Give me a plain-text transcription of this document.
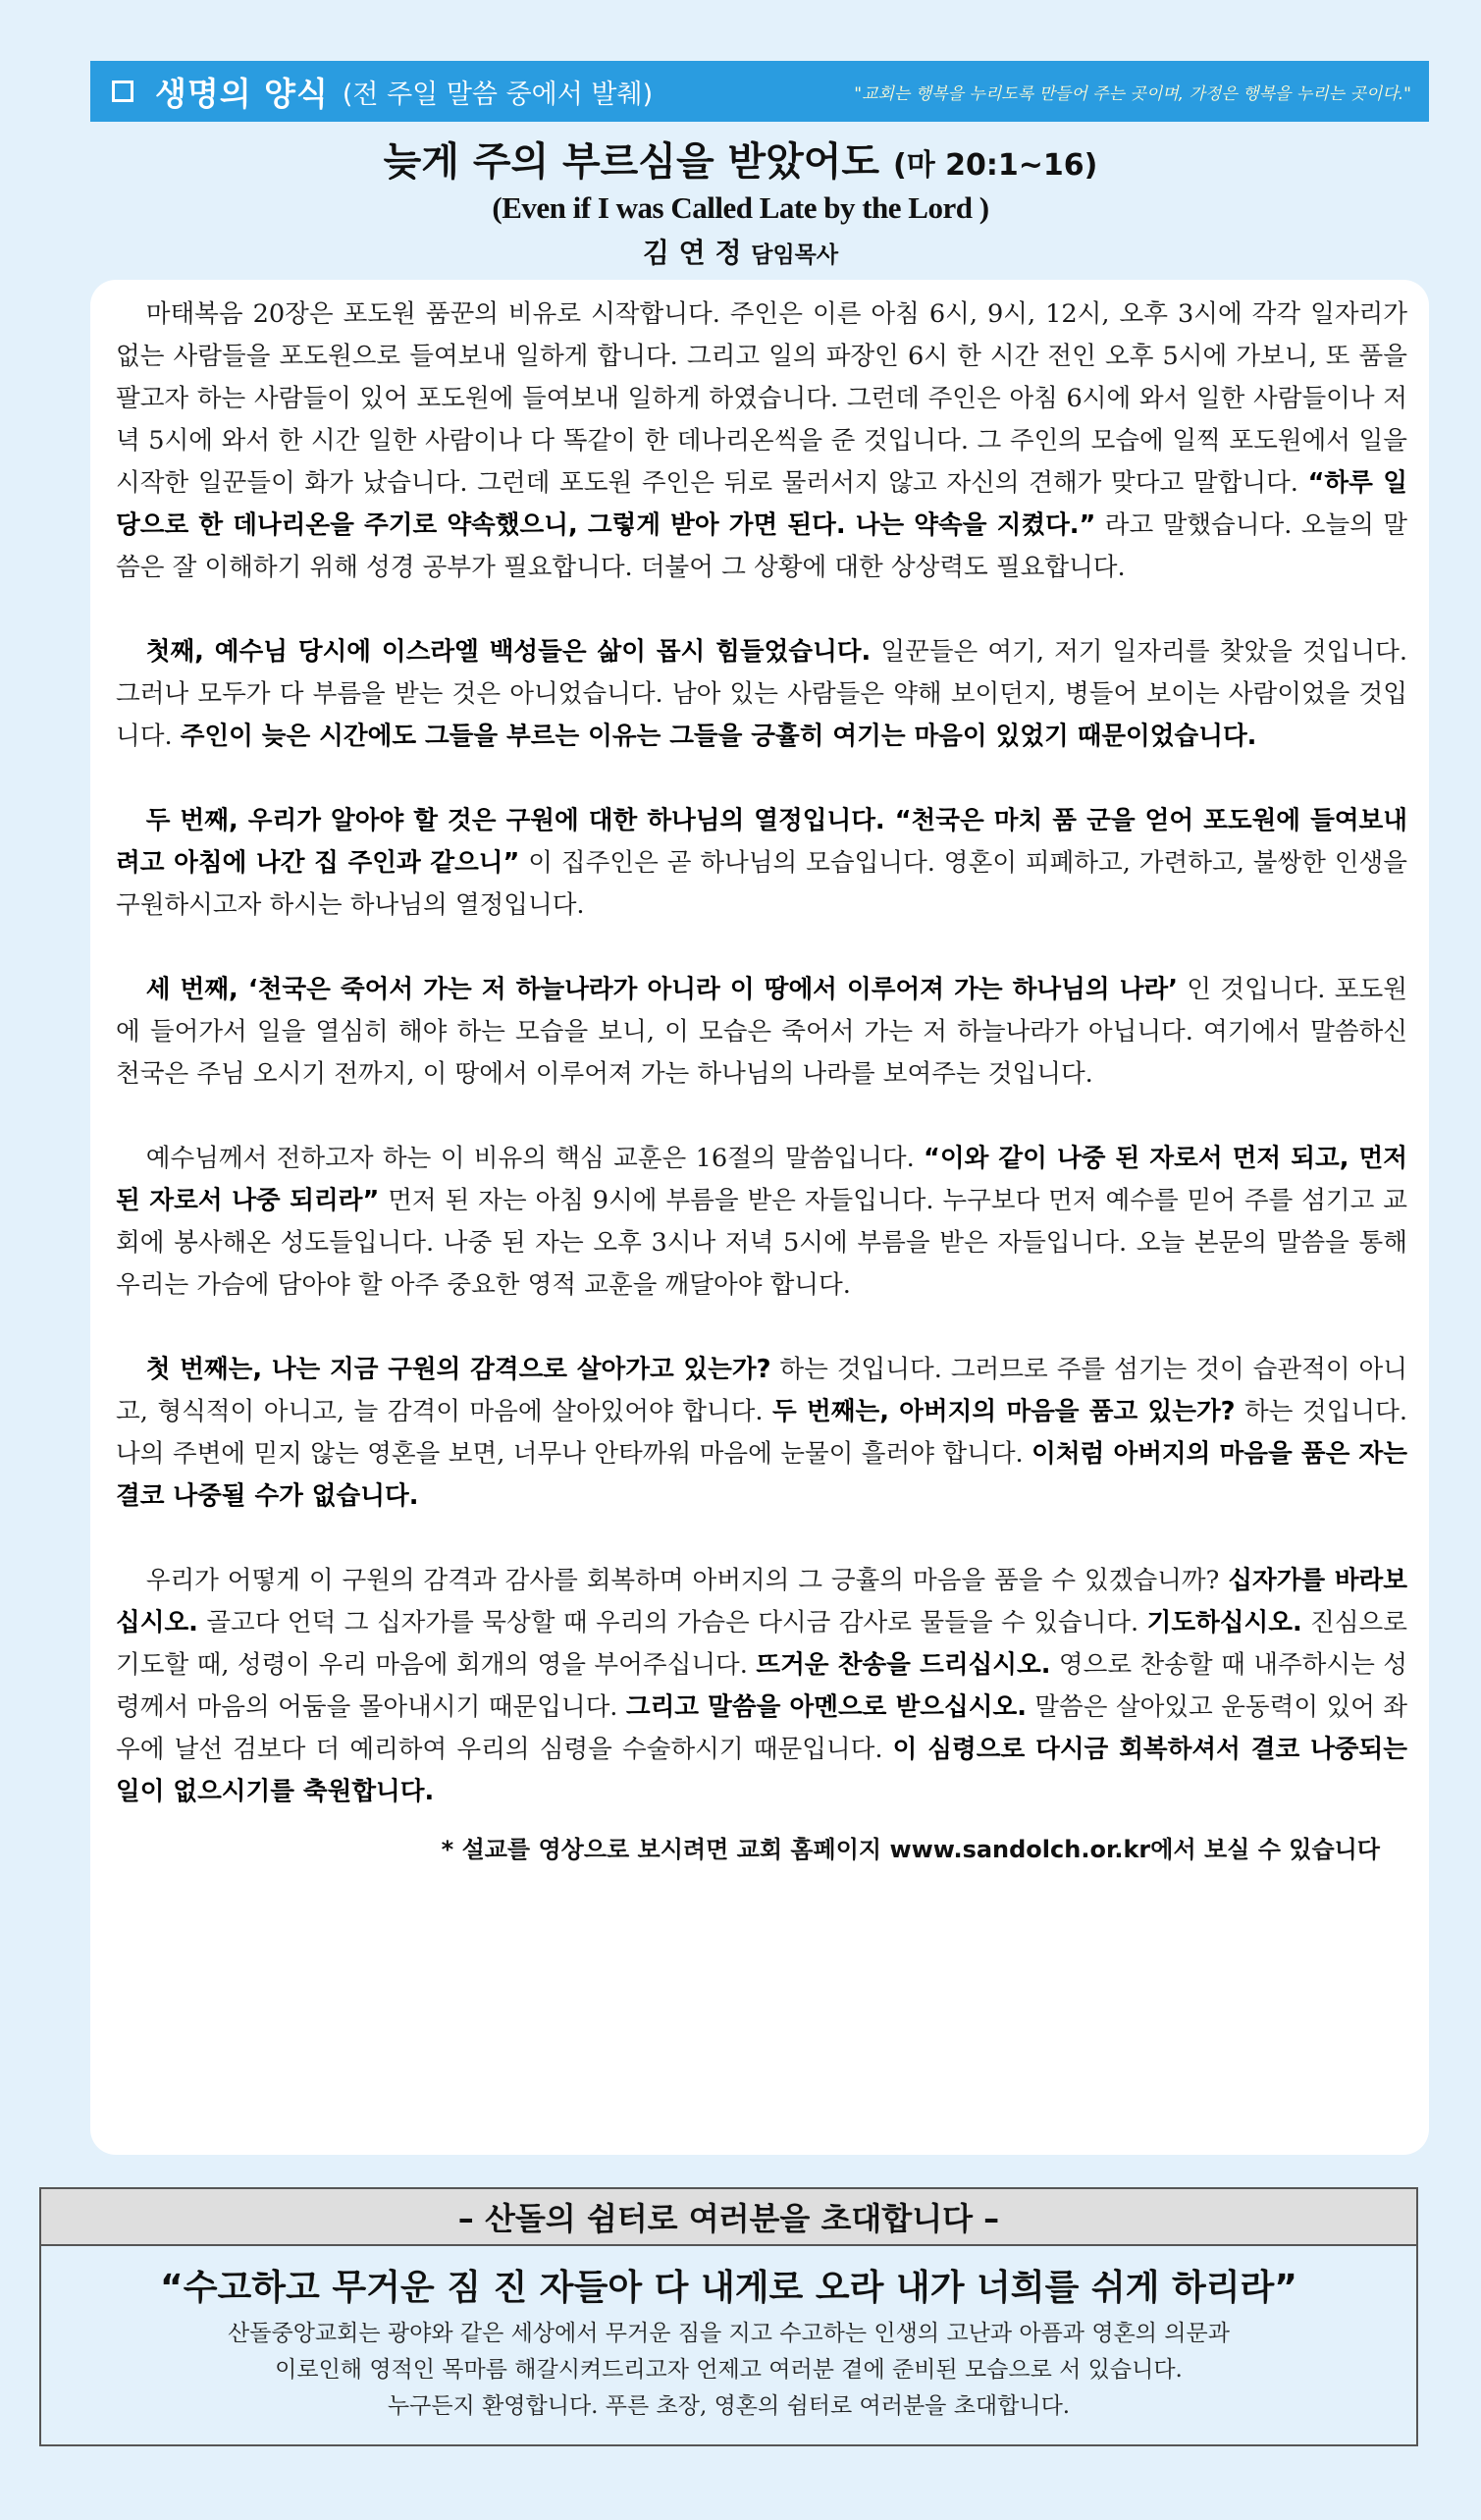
생명의 양식 (전 주일 말씀 중에서 발췌)	"교회는 행복을 누리도록 만들어 주는 곳이며, 가정은 행복을 누리는 곳이다."
늦게 주의 부르심을 받았어도 (마 20:1~16)

(Even if I was Called Late by the Lord )

김 연 정 담임목사

마태복음 20장은 포도원 품꾼의 비유로 시작합니다. 주인은 이른 아침 6시, 9시, 12시, 오후 3시에 각각 일자리가 없는 사람들을 포도원으로 들여보내 일하게 합니다. 그리고 일의 파장인 6시 한 시간 전인 오후 5시에 가보니, 또 품을 팔고자 하는 사람들이 있어 포도원에 들여보내 일하게 하였습니다. 그런데 주인은 아침 6시에 와서 일한 사람들이나 저녁 5시에 와서 한 시간 일한 사람이나 다 똑같이 한 데나리온씩을 준 것입니다. 그 주인의 모습에 일찍 포도원에서 일을 시작한 일꾼들이 화가 났습니다. 그런데 포도원 주인은 뒤로 물러서지 않고 자신의 견해가 맞다고 말합니다. “하루 일당으로 한 데나리온을 주기로 약속했으니, 그렇게 받아 가면 된다. 나는 약속을 지켰다.” 라고 말했습니다. 오늘의 말씀은 잘 이해하기 위해 성경 공부가 필요합니다. 더불어 그 상황에 대한 상상력도 필요합니다.

첫째, 예수님 당시에 이스라엘 백성들은 삶이 몹시 힘들었습니다. 일꾼들은 여기, 저기 일자리를 찾았을 것입니다. 그러나 모두가 다 부름을 받는 것은 아니었습니다. 남아 있는 사람들은 약해 보이던지, 병들어 보이는 사람이었을 것입니다. 주인이 늦은 시간에도 그들을 부르는 이유는 그들을 긍휼히 여기는 마음이 있었기 때문이었습니다.

두 번째, 우리가 알아야 할 것은 구원에 대한 하나님의 열정입니다. “천국은 마치 품 군을 얻어 포도원에 들여보내려고 아침에 나간 집 주인과 같으니” 이 집주인은 곧 하나님의 모습입니다. 영혼이 피폐하고, 가련하고, 불쌍한 인생을 구원하시고자 하시는 하나님의 열정입니다.

세 번째, ‘천국은 죽어서 가는 저 하늘나라가 아니라 이 땅에서 이루어져 가는 하나님의 나라’ 인 것입니다. 포도원에 들어가서 일을 열심히 해야 하는 모습을 보니, 이 모습은 죽어서 가는 저 하늘나라가 아닙니다. 여기에서 말씀하신 천국은 주님 오시기 전까지, 이 땅에서 이루어져 가는 하나님의 나라를 보여주는 것입니다.

예수님께서 전하고자 하는 이 비유의 핵심 교훈은 16절의 말씀입니다. “이와 같이 나중 된 자로서 먼저 되고, 먼저 된 자로서 나중 되리라” 먼저 된 자는 아침 9시에 부름을 받은 자들입니다. 누구보다 먼저 예수를 믿어 주를 섬기고 교회에 봉사해온 성도들입니다. 나중 된 자는 오후 3시나 저녁 5시에 부름을 받은 자들입니다. 오늘 본문의 말씀을 통해 우리는 가슴에 담아야 할 아주 중요한 영적 교훈을 깨달아야 합니다.

첫 번째는, 나는 지금 구원의 감격으로 살아가고 있는가? 하는 것입니다. 그러므로 주를 섬기는 것이 습관적이 아니고, 형식적이 아니고, 늘 감격이 마음에 살아있어야 합니다. 두 번째는, 아버지의 마음을 품고 있는가? 하는 것입니다. 나의 주변에 믿지 않는 영혼을 보면, 너무나 안타까워 마음에 눈물이 흘러야 합니다. 이처럼 아버지의 마음을 품은 자는 결코 나중될 수가 없습니다.

우리가 어떻게 이 구원의 감격과 감사를 회복하며 아버지의 그 긍휼의 마음을 품을 수 있겠습니까? 십자가를 바라보십시오. 골고다 언덕 그 십자가를 묵상할 때 우리의 가슴은 다시금 감사로 물들을 수 있습니다. 기도하십시오. 진심으로 기도할 때, 성령이 우리 마음에 회개의 영을 부어주십니다. 뜨거운 찬송을 드리십시오. 영으로 찬송할 때 내주하시는 성령께서 마음의 어둠을 몰아내시기 때문입니다. 그리고 말씀을 아멘으로 받으십시오. 말씀은 살아있고 운동력이 있어 좌우에 날선 검보다 더 예리하여 우리의 심령을 수술하시기 때문입니다. 이 심령으로 다시금 회복하셔서 결코 나중되는 일이 없으시기를 축원합니다.

* 설교를 영상으로 보시려면 교회 홈페이지 www.sandolch.or.kr에서 보실 수 있습니다
– 산돌의 쉼터로 여러분을 초대합니다 –
“수고하고 무거운 짐 진 자들아 다 내게로 오라 내가 너희를 쉬게 하리라”
산돌중앙교회는 광야와 같은 세상에서 무거운 짐을 지고 수고하는 인생의 고난과 아픔과 영혼의 의문과
이로인해 영적인 목마름 해갈시켜드리고자 언제고 여러분 곁에 준비된 모습으로 서 있습니다.
누구든지 환영합니다. 푸른 초장, 영혼의 쉼터로 여러분을 초대합니다.
